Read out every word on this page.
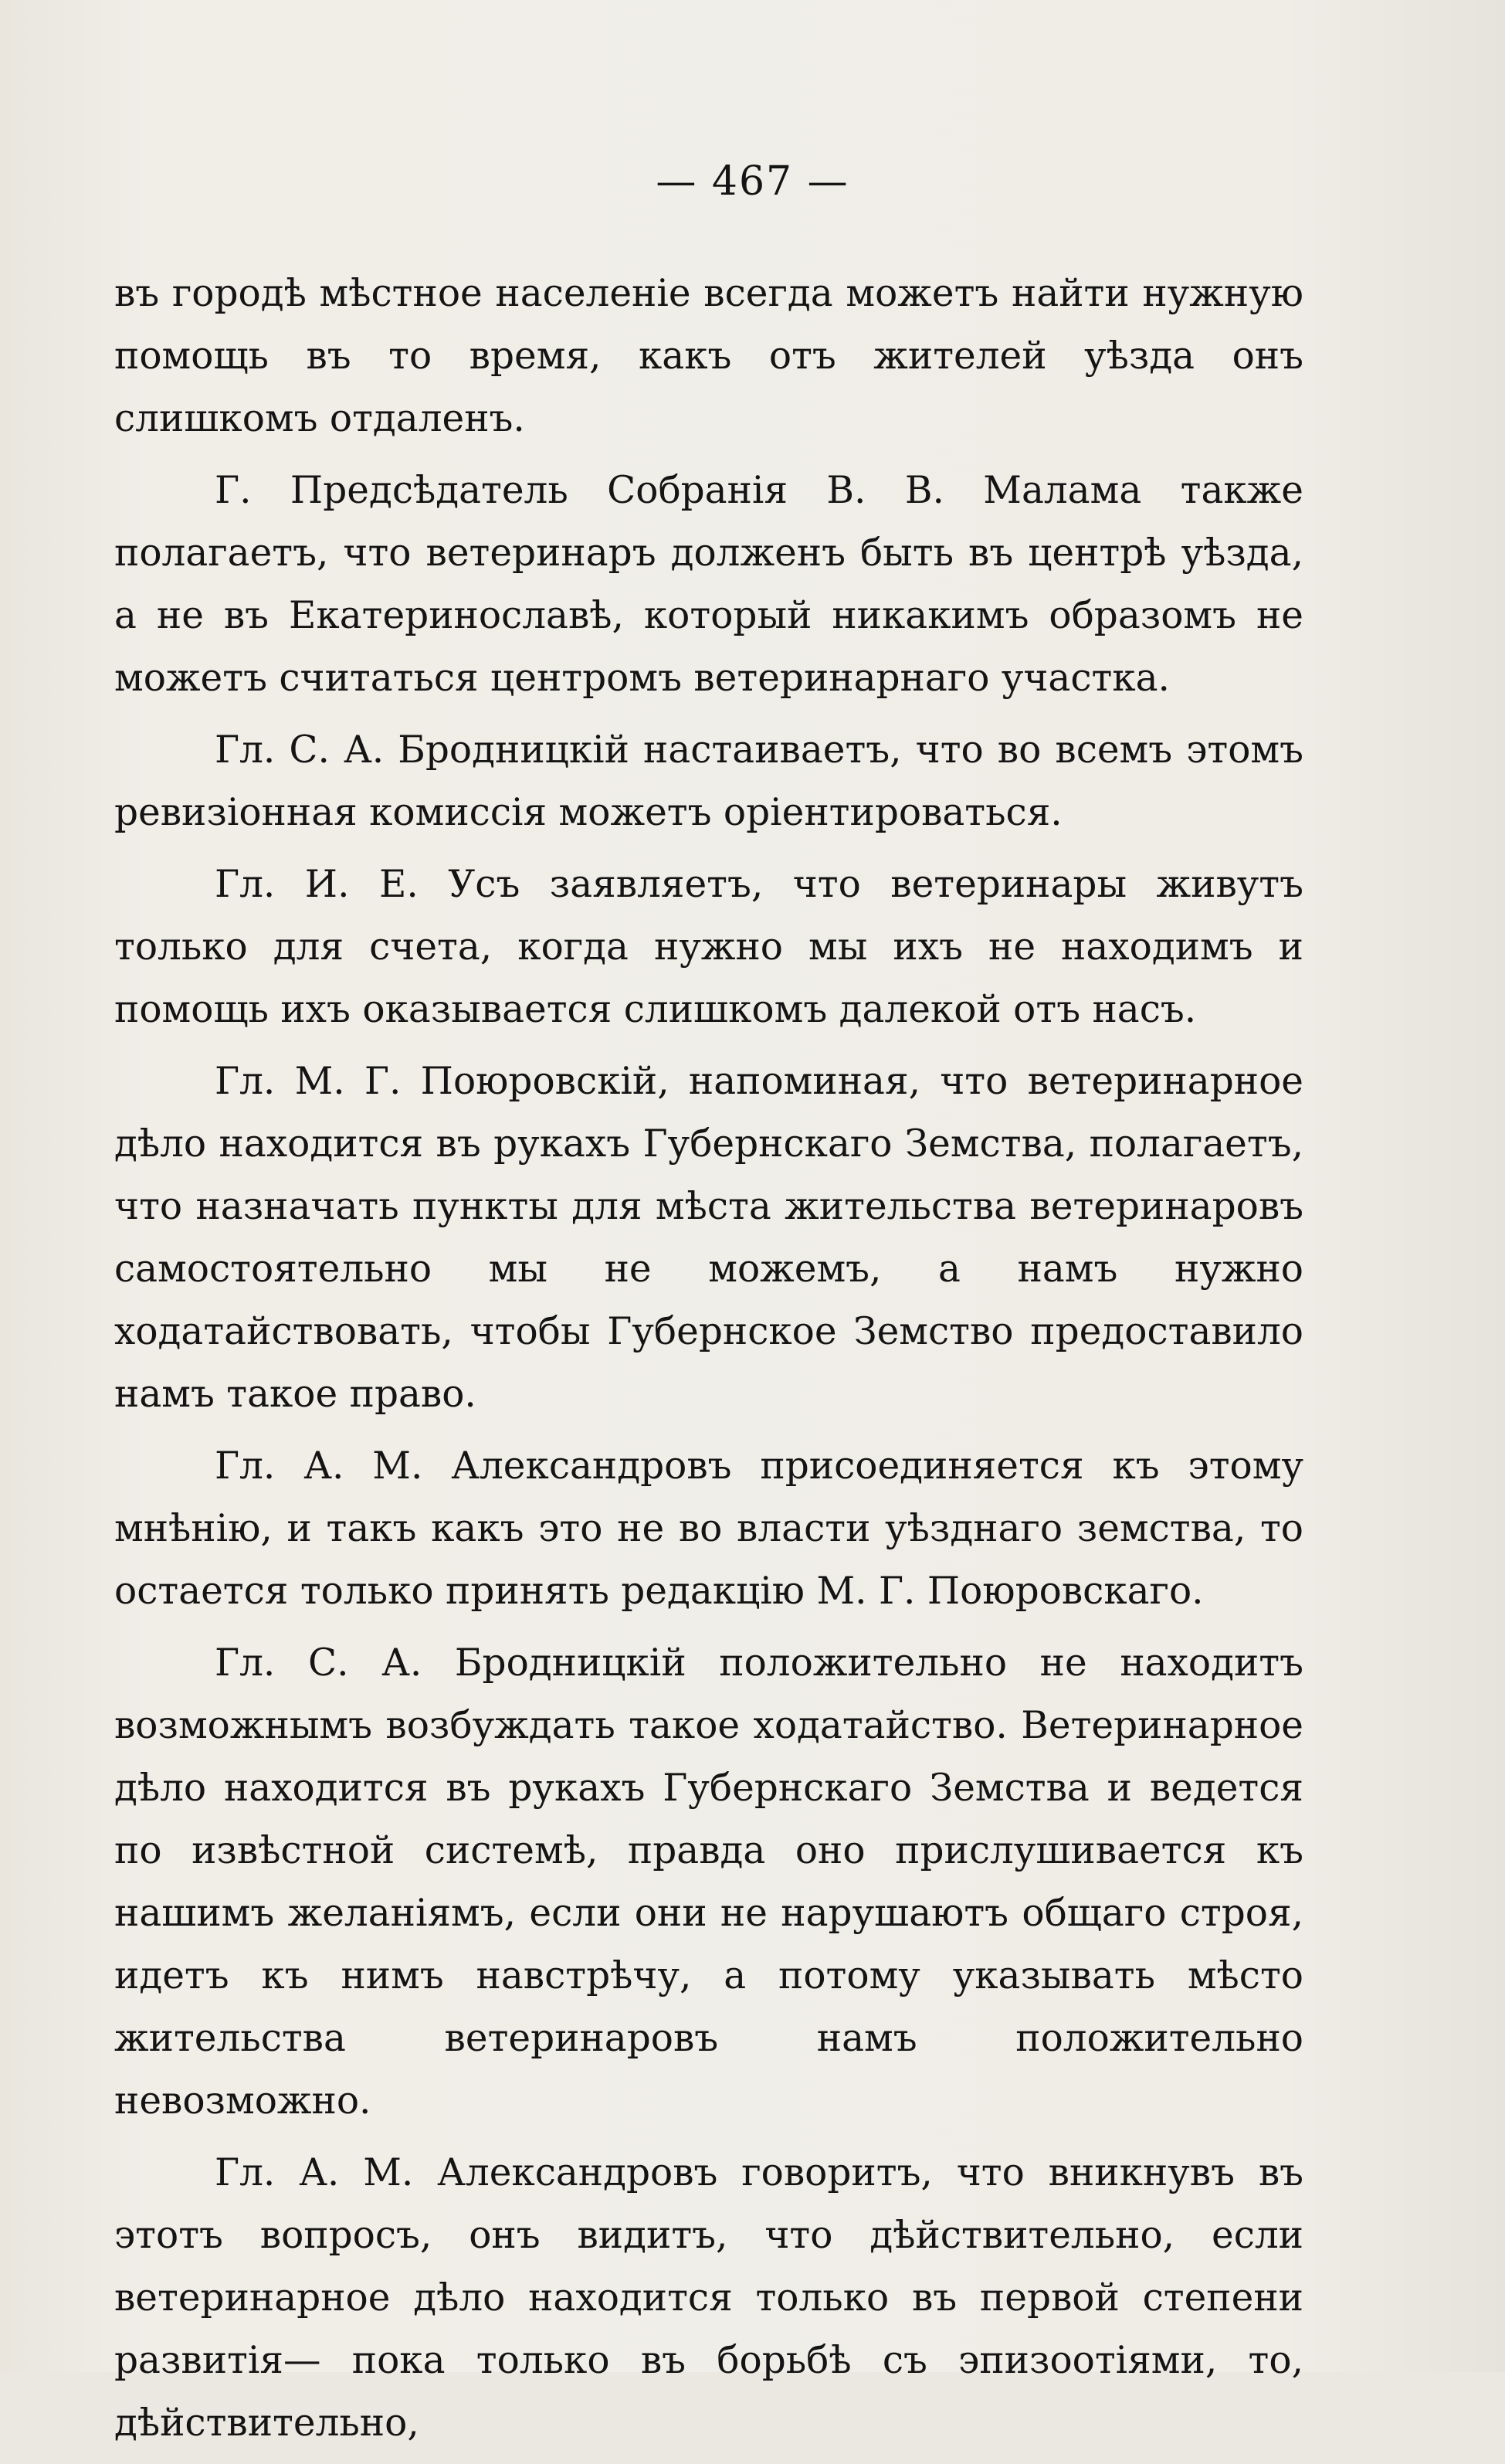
— 467 —

въ городѣ мѣстное населеніе всегда можетъ найти нужную помощь въ то время, какъ отъ жителей уѣзда онъ слишкомъ отдаленъ.

Г. Предсѣдатель Собранія В. В. Малама также полагаетъ, что ветеринаръ долженъ быть въ центрѣ уѣзда, а не въ Екатеринославѣ, который никакимъ образомъ не можетъ считаться центромъ ветеринарнаго участка.

Гл. С. А. Бродницкій настаиваетъ, что во всемъ этомъ ревизіонная комиссія можетъ оріентироваться.

Гл. И. Е. Усъ заявляетъ, что ветеринары живутъ только для счета, когда нужно мы ихъ не находимъ и помощь ихъ оказывается слишкомъ далекой отъ насъ.

Гл. М. Г. Поюровскій, напоминая, что ветеринарное дѣло находится въ рукахъ Губернскаго Земства, полагаетъ, что назначать пункты для мѣста жительства ветеринаровъ самостоятельно мы не можемъ, а намъ нужно ходатайствовать, чтобы Губернское Земство предоставило намъ такое право.

Гл. А. М. Александровъ присоединяется къ этому мнѣнію, и такъ какъ это не во власти уѣзднаго земства, то остается только принять редакцію М. Г. Поюровскаго.

Гл. С. А. Бродницкій положительно не находитъ возможнымъ возбуждать такое ходатайство. Ветеринарное дѣло находится въ рукахъ Губернскаго Земства и ведется по извѣстной системѣ, правда оно прислушивается къ нашимъ желаніямъ, если они не нарушаютъ общаго строя, идетъ къ нимъ навстрѣчу, а потому указывать мѣсто жительства ветеринаровъ намъ положительно невозможно.

Гл. А. М. Александровъ говоритъ, что вникнувъ въ этотъ вопросъ, онъ видитъ, что дѣйствительно, если ветеринарное дѣло находится только въ первой степени развитія— пока только въ борьбѣ съ эпизоотіями, то, дѣйствительно,
